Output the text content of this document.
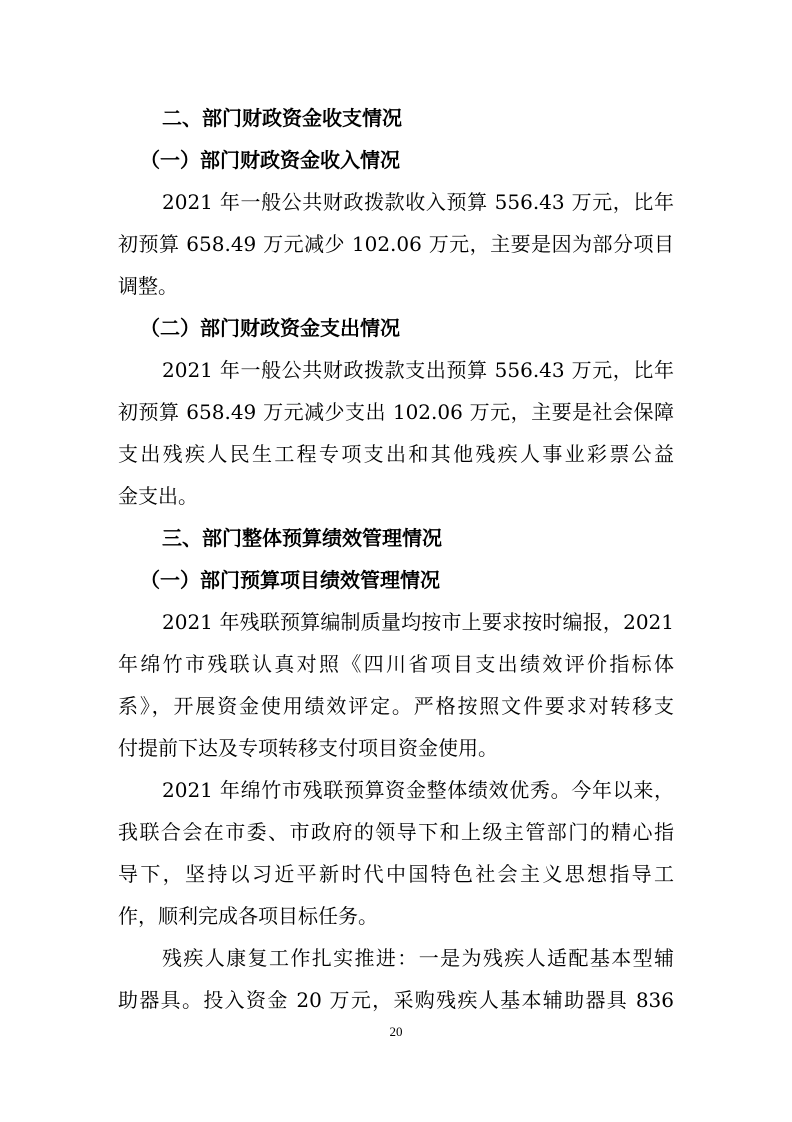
二、部门财政资金收支情况
（一）部门财政资金收入情况
2021 年一般公共财政拨款收入预算 556.43 万元，比年
初预算 658.49 万元减少 102.06 万元，主要是因为部分项目
调整。
（二）部门财政资金支出情况
2021 年一般公共财政拨款支出预算 556.43 万元，比年
初预算 658.49 万元减少支出 102.06 万元，主要是社会保障
支出残疾人民生工程专项支出和其他残疾人事业彩票公益
金支出。
三、部门整体预算绩效管理情况
（一）部门预算项目绩效管理情况
2021 年残联预算编制质量均按市上要求按时编报，2021
年绵竹市残联认真对照《四川省项目支出绩效评价指标体
系》，开展资金使用绩效评定。严格按照文件要求对转移支
付提前下达及专项转移支付项目资金使用。
2021 年绵竹市残联预算资金整体绩效优秀。今年以来，
我联合会在市委、市政府的领导下和上级主管部门的精心指
导下，坚持以习近平新时代中国特色社会主义思想指导工
作，顺利完成各项目标任务。
残疾人康复工作扎实推进：一是为残疾人适配基本型辅
助器具。投入资金 20 万元，采购残疾人基本辅助器具 836
20
